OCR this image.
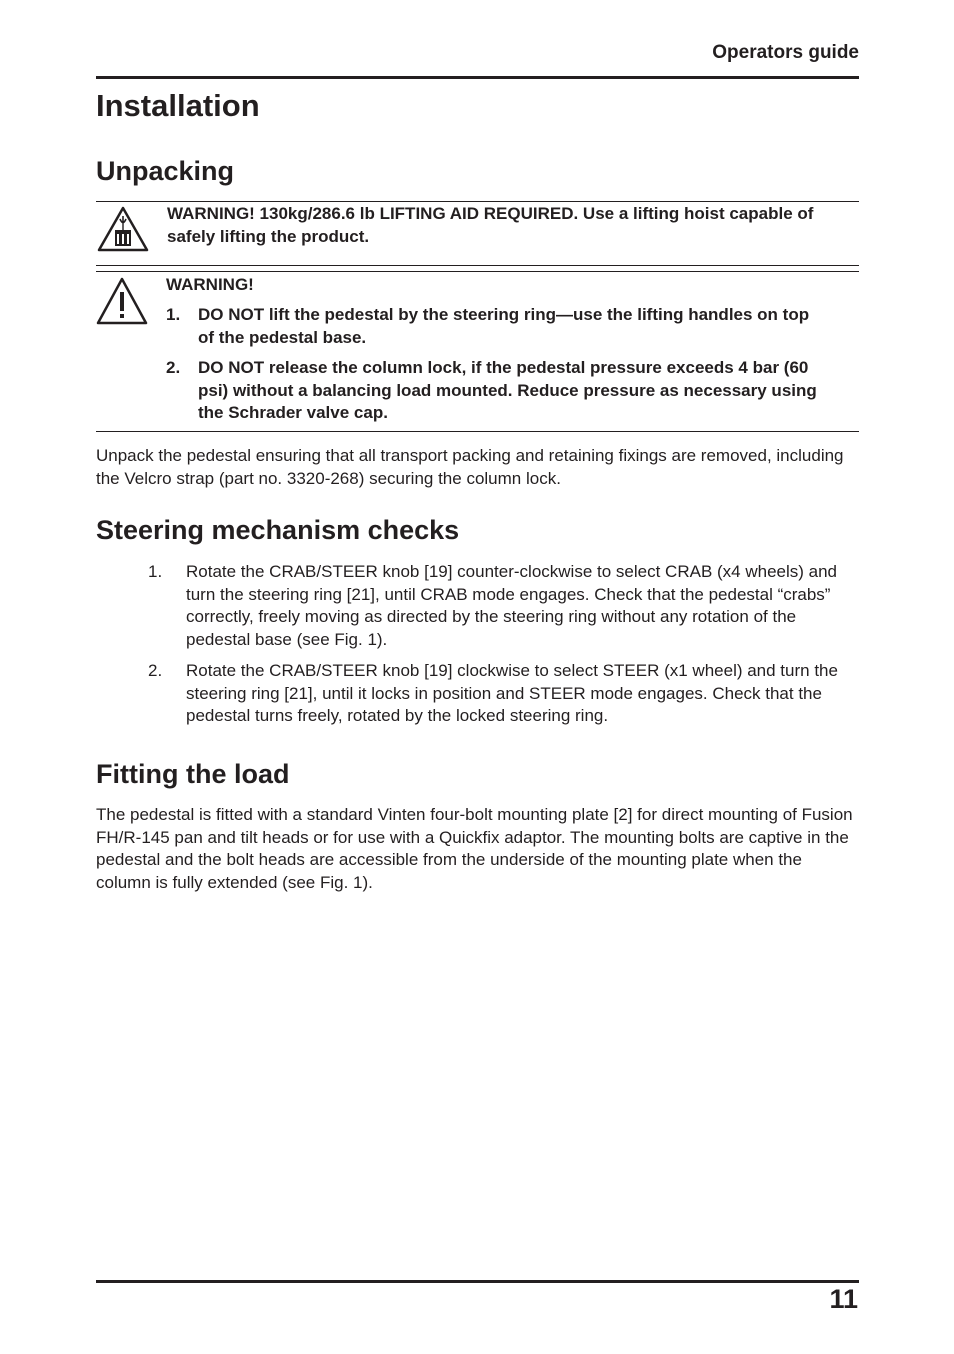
Operators guide
Installation
Unpacking
WARNING! 130kg/286.6 lb LIFTING AID REQUIRED. Use a lifting hoist capable of safely lifting the product.
WARNING!
1. DO NOT lift the pedestal by the steering ring—use the lifting handles on top of the pedestal base.
2. DO NOT release the column lock, if the pedestal pressure exceeds 4 bar (60 psi) without a balancing load mounted. Reduce pressure as necessary using the Schrader valve cap.
Unpack the pedestal ensuring that all transport packing and retaining fixings are removed, including the Velcro strap (part no. 3320-268) securing the column lock.
Steering mechanism checks
1. Rotate the CRAB/STEER knob [19] counter-clockwise to select CRAB (x4 wheels) and turn the steering ring [21], until CRAB mode engages. Check that the pedestal “crabs” correctly, freely moving as directed by the steering ring without any rotation of the pedestal base (see Fig. 1).
2. Rotate the CRAB/STEER knob [19] clockwise to select STEER (x1 wheel) and turn the steering ring [21], until it locks in position and STEER mode engages. Check that the pedestal turns freely, rotated by the locked steering ring.
Fitting the load
The pedestal is fitted with a standard Vinten four-bolt mounting plate [2] for direct mounting of Fusion FH/R-145 pan and tilt heads or for use with a Quickfix adaptor. The mounting bolts are captive in the pedestal and the bolt heads are accessible from the underside of the mounting plate when the column is fully extended (see Fig. 1).
11
